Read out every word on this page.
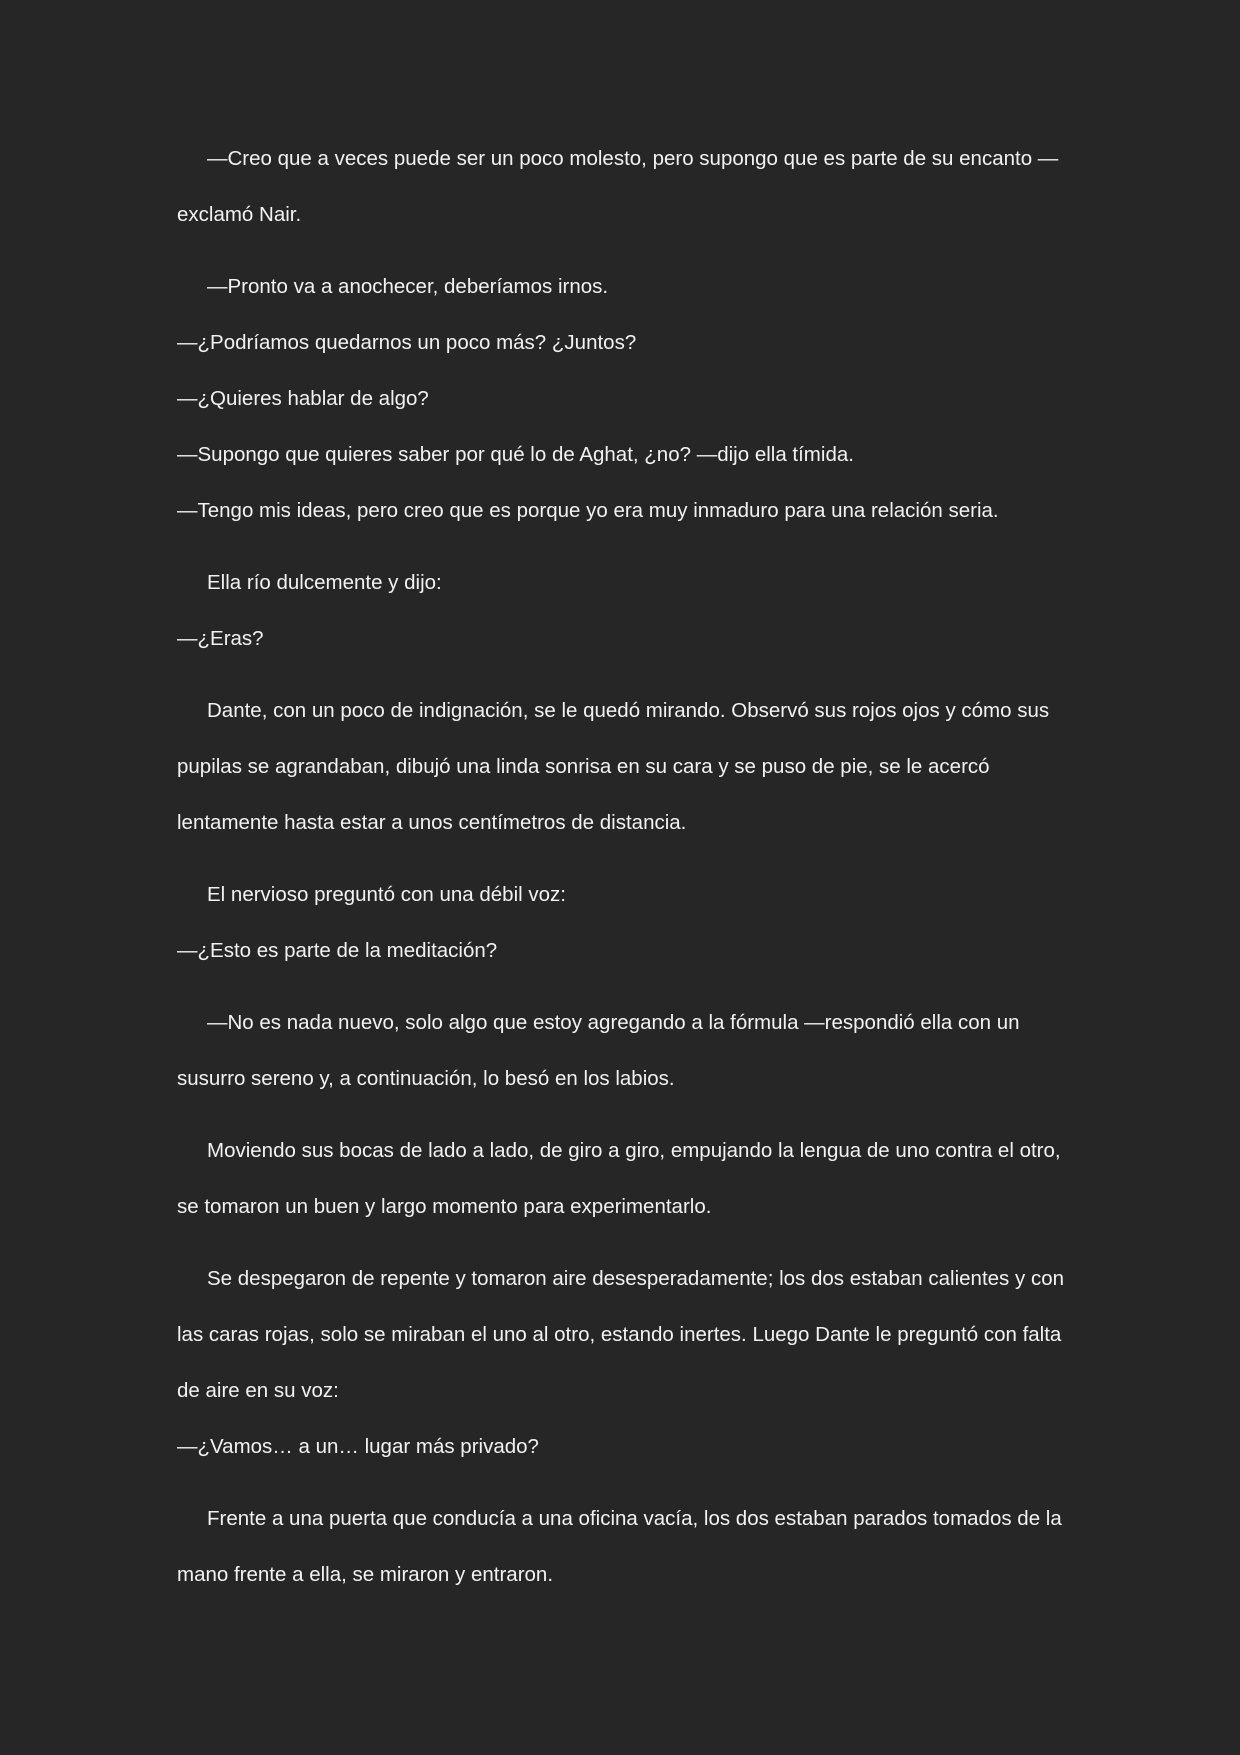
—Creo que a veces puede ser un poco molesto, pero supongo que es parte de su encanto —exclamó Nair.

—Pronto va a anochecer, deberíamos irnos.

—¿Podríamos quedarnos un poco más? ¿Juntos?

—¿Quieres hablar de algo?

—Supongo que quieres saber por qué lo de Aghat, ¿no? —dijo ella tímida.

—Tengo mis ideas, pero creo que es porque yo era muy inmaduro para una relación seria.

Ella río dulcemente y dijo:

—¿Eras?

Dante, con un poco de indignación, se le quedó mirando. Observó sus rojos ojos y cómo sus pupilas se agrandaban, dibujó una linda sonrisa en su cara y se puso de pie, se le acercó lentamente hasta estar a unos centímetros de distancia.

El nervioso preguntó con una débil voz:

—¿Esto es parte de la meditación?

—No es nada nuevo, solo algo que estoy agregando a la fórmula —respondió ella con un susurro sereno y, a continuación, lo besó en los labios.

Moviendo sus bocas de lado a lado, de giro a giro, empujando la lengua de uno contra el otro, se tomaron un buen y largo momento para experimentarlo.

Se despegaron de repente y tomaron aire desesperadamente; los dos estaban calientes y con las caras rojas, solo se miraban el uno al otro, estando inertes. Luego Dante le preguntó con falta de aire en su voz:

—¿Vamos… a un… lugar más privado?

Frente a una puerta que conducía a una oficina vacía, los dos estaban parados tomados de la mano frente a ella, se miraron y entraron.
